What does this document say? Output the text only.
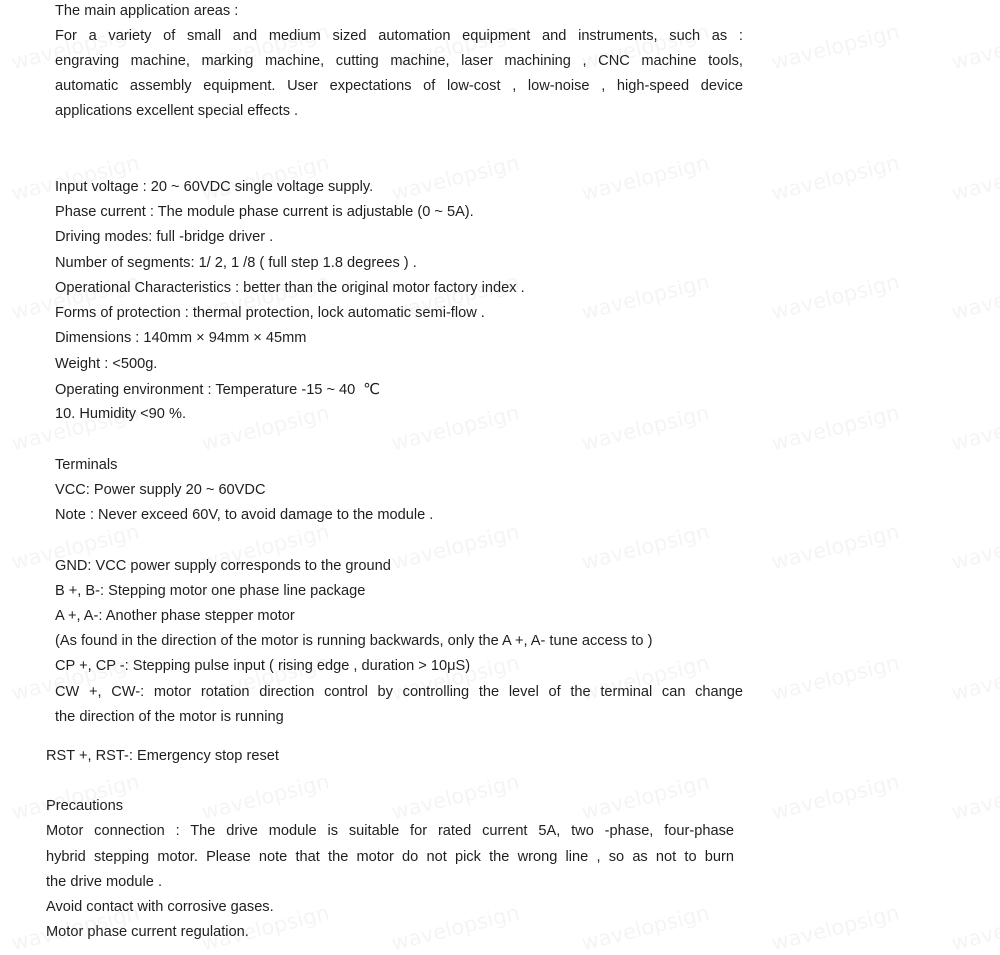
The main application areas :
For a variety of small and medium sized automation equipment and instruments, such as :
engraving machine, marking machine, cutting machine, laser machining , CNC machine tools,
automatic assembly equipment. User expectations of low-cost , low-noise , high-speed device
applications excellent special effects .
Input voltage : 20 ~ 60VDC single voltage supply.
Phase current : The module phase current is adjustable (0 ~ 5A).
Driving modes: full -bridge driver .
Number of segments: 1/ 2, 1 /8 ( full step 1.8 degrees ) .
Operational Characteristics : better than the original motor factory index .
Forms of protection : thermal protection, lock automatic semi-flow .
Dimensions : 140mm × 94mm × 45mm
Weight : <500g.
Operating environment : Temperature -15 ~ 40 ℃
10. Humidity <90 %.
Terminals
VCC: Power supply 20 ~ 60VDC
Note : Never exceed 60V, to avoid damage to the module .
GND: VCC power supply corresponds to the ground
B +, B-: Stepping motor one phase line package
A +, A-: Another phase stepper motor
(As found in the direction of the motor is running backwards, only the A +, A- tune access to )
CP +, CP -: Stepping pulse input ( rising edge , duration > 10μS)
CW +, CW-: motor rotation direction control by controlling the level of the terminal can change
the direction of the motor is running
RST +, RST-: Emergency stop reset
Precautions
Motor connection : The drive module is suitable for rated current 5A, two -phase, four-phase
hybrid stepping motor. Please note that the motor do not pick the wrong line , so as not to burn
the drive module .
Avoid contact with corrosive gases.
Motor phase current regulation.
